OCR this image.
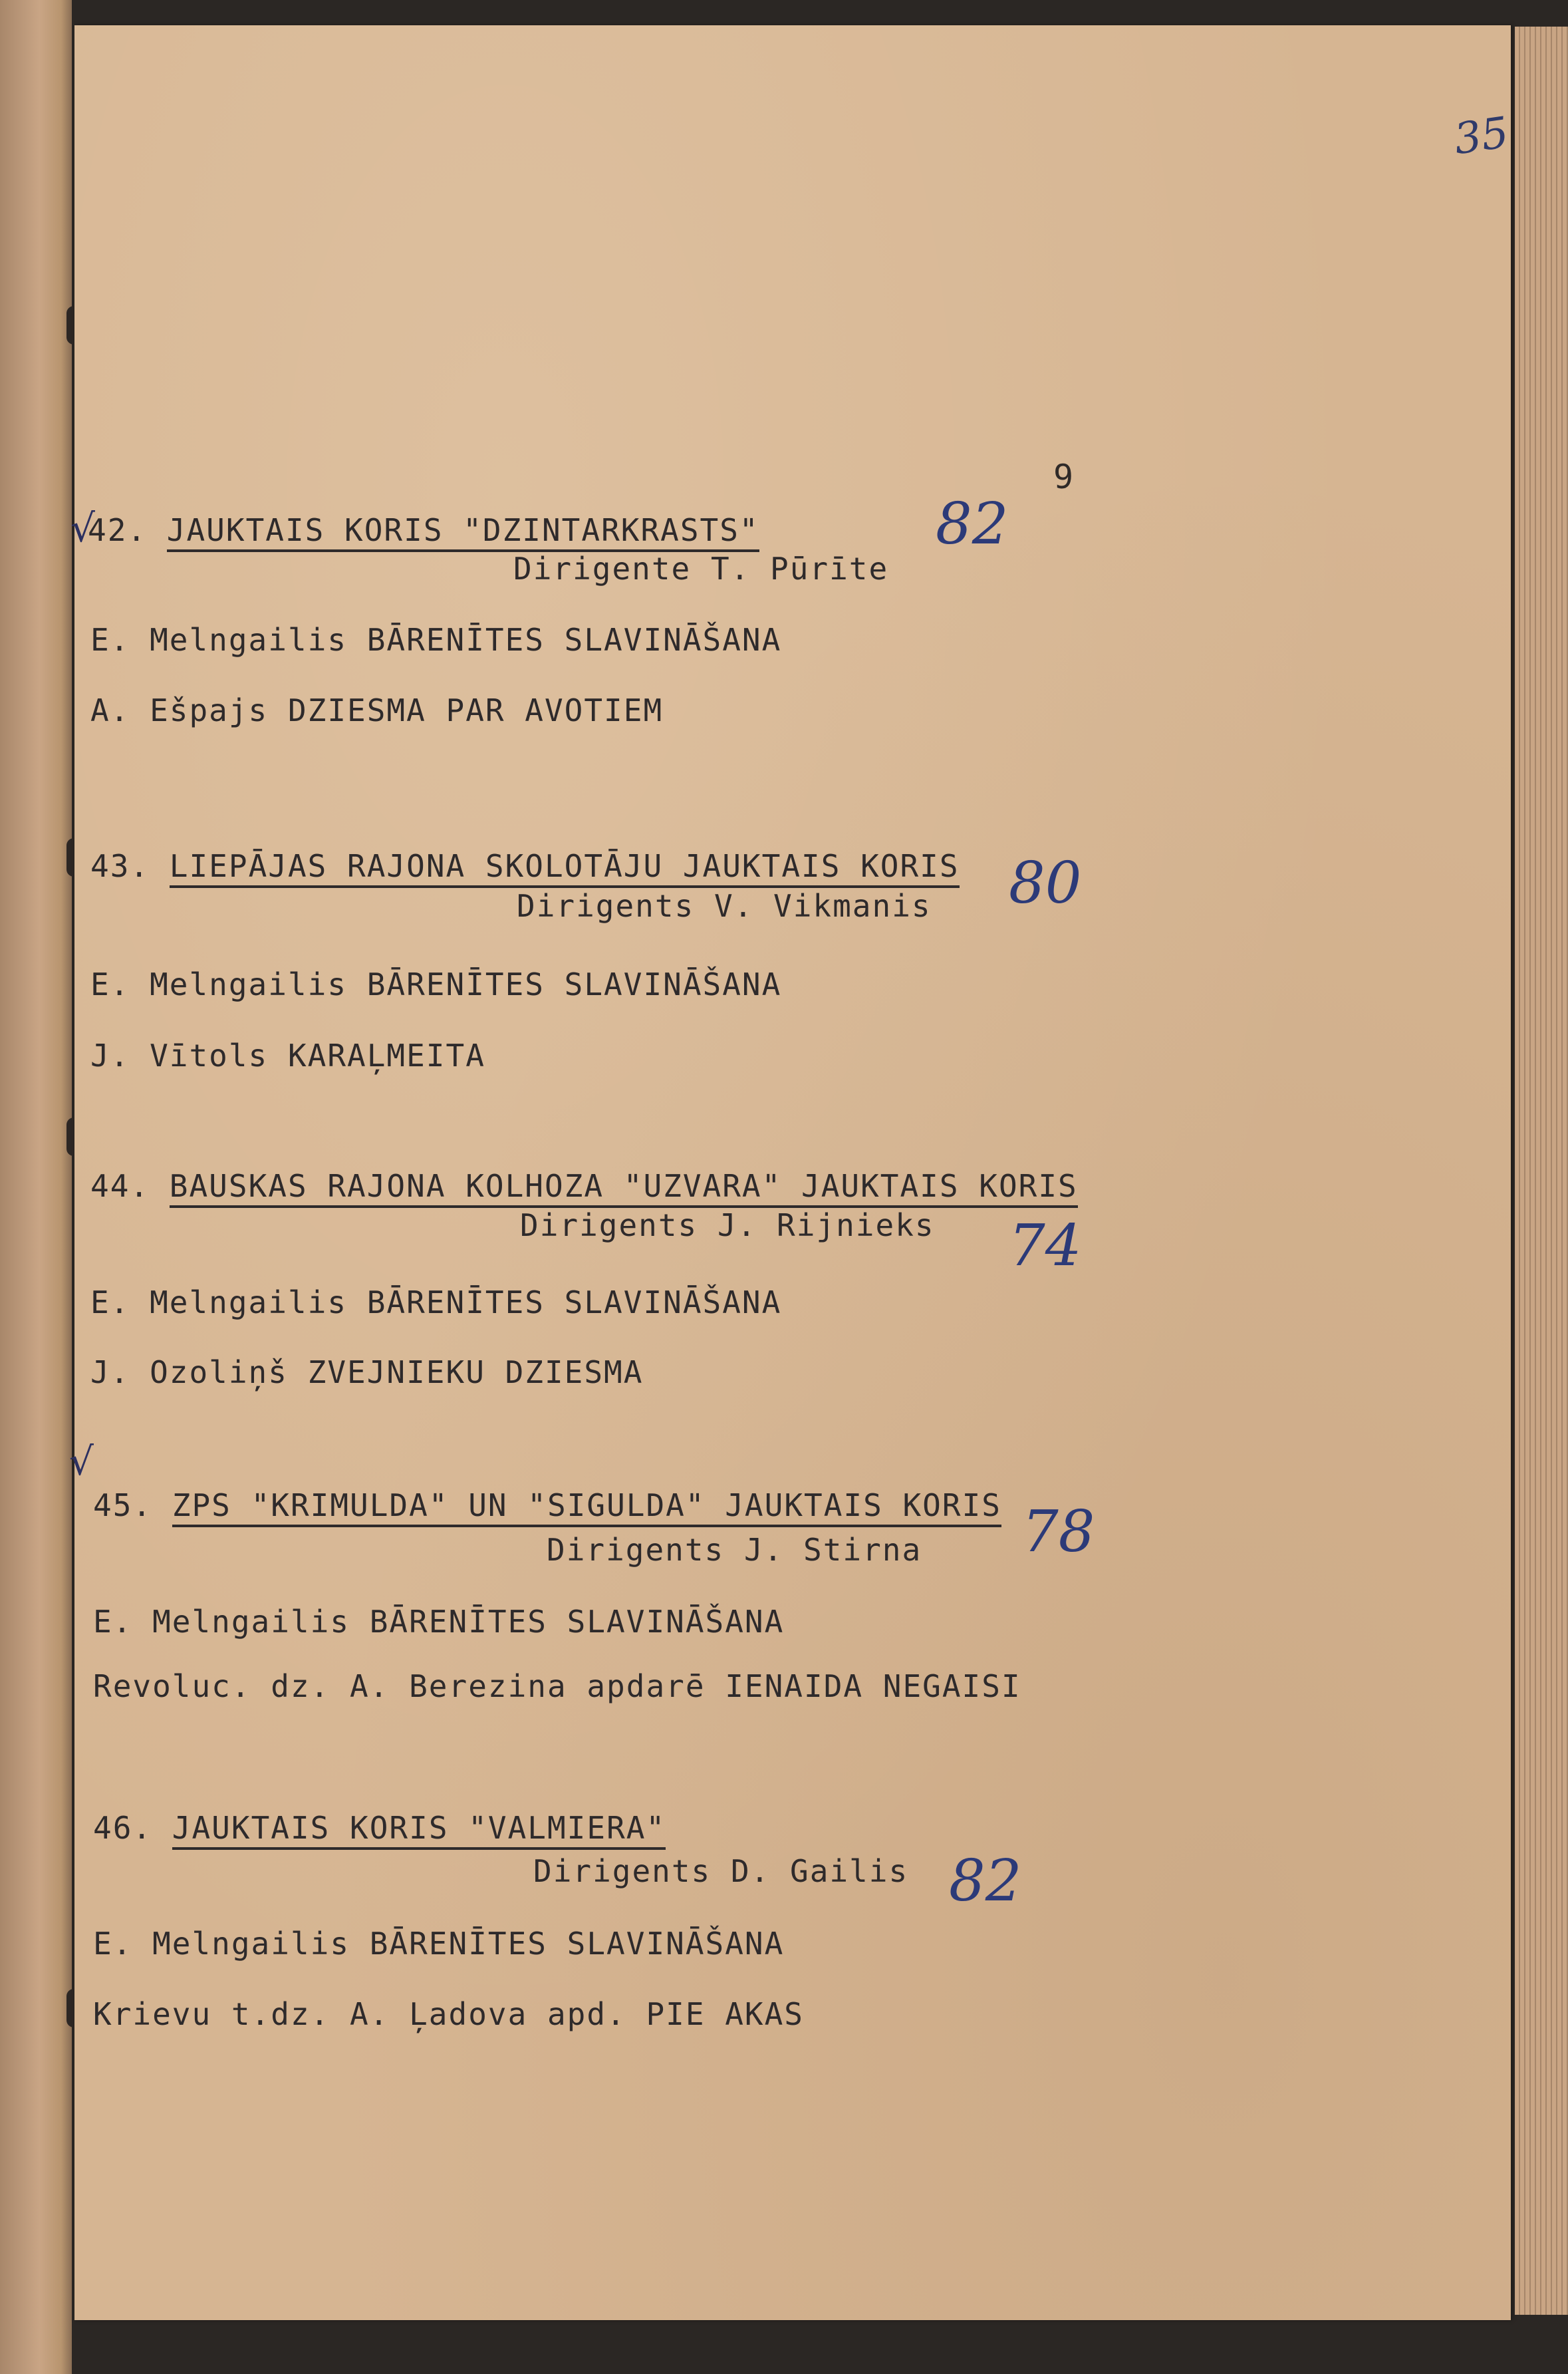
35
9
√
42. JAUKTAIS KORIS "DZINTARKRASTS"
Dirigente T. Pūrīte
E. Melngailis BĀRENĪTES SLAVINĀŠANA
A. Ešpajs DZIESMA PAR AVOTIEM
82
43. LIEPĀJAS RAJONA SKOLOTĀJU JAUKTAIS KORIS
Dirigents V. Vikmanis
E. Melngailis BĀRENĪTES SLAVINĀŠANA
J. Vītols KARAĻMEITA
80
44. BAUSKAS RAJONA KOLHOZA "UZVARA" JAUKTAIS KORIS
Dirigents J. Rijnieks
E. Melngailis BĀRENĪTES SLAVINĀŠANA
J. Ozoliņš ZVEJNIEKU DZIESMA
74
√
45. ZPS "KRIMULDA" UN "SIGULDA" JAUKTAIS KORIS
Dirigents J. Stirna
E. Melngailis BĀRENĪTES SLAVINĀŠANA
Revoluc. dz. A. Berezina apdarē IENAIDA NEGAISI
78
46. JAUKTAIS KORIS "VALMIERA"
Dirigents D. Gailis
E. Melngailis BĀRENĪTES SLAVINĀŠANA
Krievu t.dz. A. Ļadova apd. PIE AKAS
82
